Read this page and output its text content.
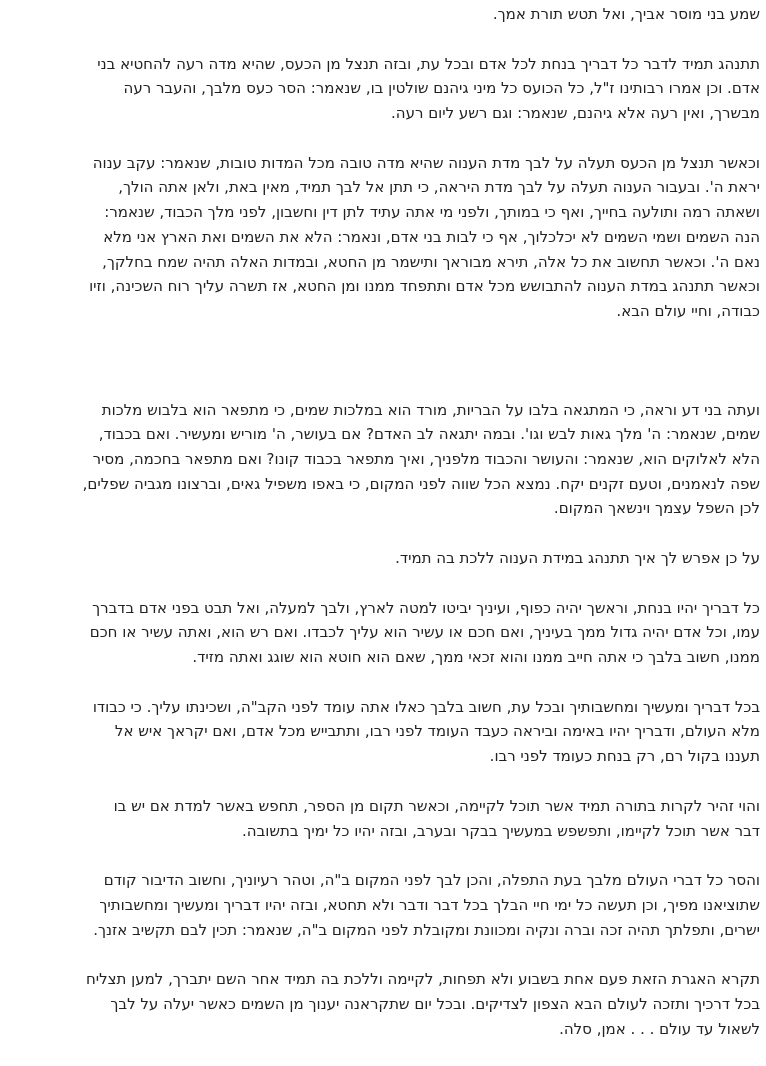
שמע בני מוסר אביך, ואל תטש תורת אמך.
תתנהג תמיד לדבר כל דבריך בנחת לכל אדם ובכל עת, ובזה תנצל מן הכעס, שהיא מדה רעה להחטיא בני
אדם. וכן אמרו רבותינו ז"ל, כל הכועס כל מיני גיהנם שולטין בו, שנאמר: הסר כעס מלבך, והעבר רעה
מבשרך, ואין רעה אלא גיהנם, שנאמר: וגם רשע ליום רעה.
וכאשר תנצל מן הכעס תעלה על לבך מדת הענוה שהיא מדה טובה מכל המדות טובות, שנאמר: עקב ענוה
יראת ה'. ובעבור הענוה תעלה על לבך מדת היראה, כי תתן אל לבך תמיד, מאין באת, ולאן אתה הולך,
ושאתה רמה ותולעה בחייך, ואף כי במותך, ולפני מי אתה עתיד לתן דין וחשבון, לפני מלך הכבוד, שנאמר:
הנה השמים ושמי השמים לא יכלכלוך, אף כי לבות בני אדם, ונאמר: הלא את השמים ואת הארץ אני מלא
נאם ה'. וכאשר תחשוב את כל אלה, תירא מבוראך ותישמר מן החטא, ובמדות האלה תהיה שמח בחלקך,
וכאשר תתנהג במדת הענוה להתבושש מכל אדם ותתפחד ממנו ומן החטא, אז תשרה עליך רוח השכינה, וזיו
כבודה, וחיי עולם הבא.
ועתה בני דע וראה, כי המתגאה בלבו על הבריות, מורד הוא במלכות שמים, כי מתפאר הוא בלבוש מלכות
שמים, שנאמר: ה' מלך גאות לבש וגו'. ובמה יתגאה לב האדם? אם בעושר, ה' מוריש ומעשיר. ואם בכבוד,
הלא לאלוקים הוא, שנאמר: והעושר והכבוד מלפניך, ואיך מתפאר בכבוד קונו? ואם מתפאר בחכמה, מסיר
שפה לנאמנים, וטעם זקנים יקח. נמצא הכל שווה לפני המקום, כי באפו משפיל גאים, וברצונו מגביה שפלים,
לכן השפל עצמך וינשאך המקום.
על כן אפרש לך איך תתנהג במידת הענוה ללכת בה תמיד.
כל דבריך יהיו בנחת, וראשך יהיה כפוף, ועיניך יביטו למטה לארץ, ולבך למעלה, ואל תבט בפני אדם בדברך
עמו, וכל אדם יהיה גדול ממך בעיניך, ואם חכם או עשיר הוא עליך לכבדו. ואם רש הוא, ואתה עשיר או חכם
ממנו, חשוב בלבך כי אתה חייב ממנו והוא זכאי ממך, שאם הוא חוטא הוא שוגג ואתה מזיד.
בכל דבריך ומעשיך ומחשבותיך ובכל עת, חשוב בלבך כאלו אתה עומד לפני הקב"ה, ושכינתו עליך. כי כבודו
מלא העולם, ודבריך יהיו באימה וביראה כעבד העומד לפני רבו, ותתבייש מכל אדם, ואם יקראך איש אל
תעננו בקול רם, רק בנחת כעומד לפני רבו.
והוי זהיר לקרות בתורה תמיד אשר תוכל לקיימה, וכאשר תקום מן הספר, תחפש באשר למדת אם יש בו
דבר אשר תוכל לקיימו, ותפשפש במעשיך בבקר ובערב, ובזה יהיו כל ימיך בתשובה.
והסר כל דברי העולם מלבך בעת התפלה, והכן לבך לפני המקום ב"ה, וטהר רעיוניך, וחשוב הדיבור קודם
שתוציאנו מפיך, וכן תעשה כל ימי חיי הבלך בכל דבר ודבר ולא תחטא, ובזה יהיו דבריך ומעשיך ומחשבותיך
ישרים, ותפלתך תהיה זכה וברה ונקיה ומכוונת ומקובלת לפני המקום ב"ה, שנאמר: תכין לבם תקשיב אזנך.
תקרא האגרת הזאת פעם אחת בשבוע ולא תפחות, לקיימה וללכת בה תמיד אחר השם יתברך, למען תצליח
בכל דרכיך ותזכה לעולם הבא הצפון לצדיקים. ובכל יום שתקראנה יענוך מן השמים כאשר יעלה על לבך
לשאול עד עולם . . . אמן, סלה.
